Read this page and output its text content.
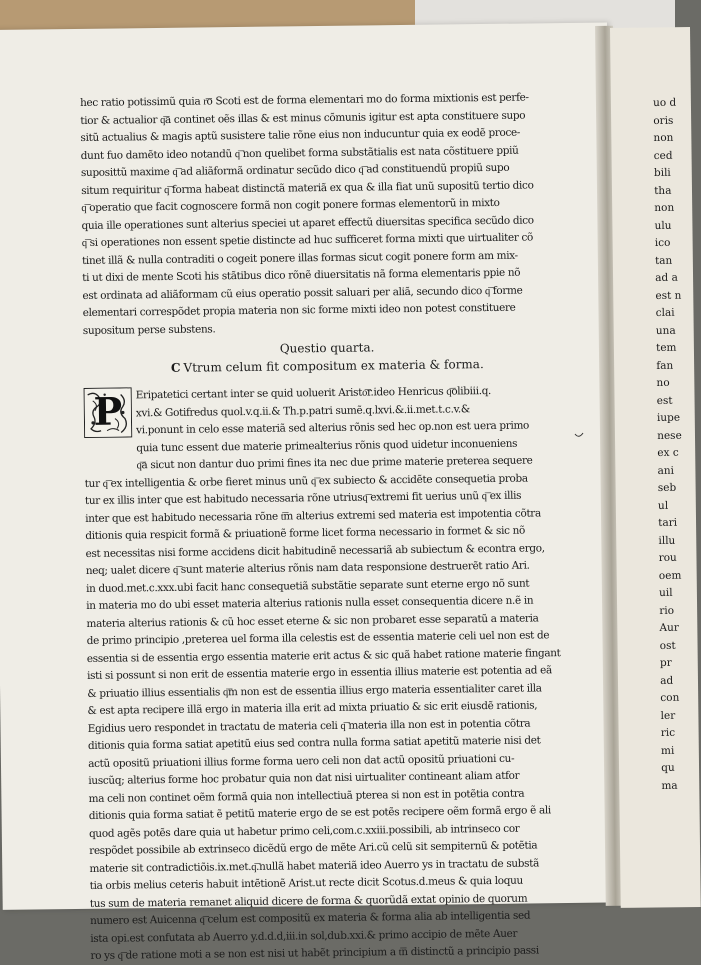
hec ratio potissimũ quia r͞o Scoti est de forma elementari mo do forma mixtionis est perfe-
tior & actualior q͞a continet oẽs illas & est minus cõmunis igitur est apta constituere supo
sitũ actualius & magis aptũ susistere talie rõne eius non inducuntur quia ex eodẽ proce-
dunt fuo damẽto ideo notandũ q͞ non quelibet forma substãtialis est nata cõstituere ppiũ
suposittũ maxime q͞ ad aliãformã ordinatur secũdo dico q͞ ad constituendũ propiũ supo
situm requiritur q͞ forma habeat distinctã materiã ex qua & illa fiat unũ supositũ tertio dico
q͞ operatio que facit cognoscere formã non cogit ponere formas elementorũ in mixto
quia ille operationes sunt alterius speciei ut aparet effectũ diuersitas specifica secũdo dico
q͞ si operationes non essent spetie distincte ad huc sufficeret forma mixti que uirtualiter cõ
tinet illã & nulla contraditi o cogeit ponere illas formas sicut cogit ponere form am mix-
ti ut dixi de mente Scoti his stãtibus dico rõnẽ diuersitatis nã forma elementaris ppie nõ
est ordinata ad aliãformam cũ eius operatio possit saluari per aliã, secundo dico q͞ forme
elementari correspõdet propia materia non sic forme mixti ideo non potest constituere
supositum perse substens.
Questio quarta.
C Vtrum celum fit compositum ex materia & forma.
P	Eripatetici certant inter se quid uoluerit Aristo͞r.ideo Henricus q͞olibiii.q.
xvi.& Gotifredus quol.v.q.ii.& Th.p.patri sumẽ.q.lxvi.&.ii.met.t.c.v.&
vi.ponunt in celo esse materiã sed alterius rõnis sed hec op.non est uera primo
quia tunc essent due materie primealterius rõnis quod uidetur inconueniens
q͞a sicut non dantur duo primi fines ita nec due prime materie preterea sequere
tur q͞ ex intelligentia & orbe fieret minus unũ q͞ ex subiecto & accidẽte consequetia proba
tur ex illis inter que est habitudo necessaria rõne utriusq͞ extremi fit uerius unũ q͞ ex illis
inter que est habitudo necessaria rõne t͞m alterius extremi sed materia est impotentia cõtra
ditionis quia respicit formã & priuationẽ forme licet forma necessario in formet & sic nõ
est necessitas nisi forme accidens dicit habitudinẽ necessariã ab subiectum & econtra ergo,
neq; ualet dicere q͞ sunt materie alterius rõnis nam data responsione destruerẽt ratio Ari.
in duod.met.c.xxx.ubi facit hanc consequetiã substãtie separate sunt eterne ergo nõ sunt
in materia mo do ubi esset materia alterius rationis nulla esset consequentia dicere n.ẽ in
materia alterius rationis & cũ hoc esset eterne & sic non probaret esse separatũ a materia
de primo principio ,preterea uel forma illa celestis est de essentia materie celi uel non est de
essentia si de essentia ergo essentia materie erit actus & sic quã habet ratione materie fingant
isti si possunt si non erit de essentia materie ergo in essentia illius materie est potentia ad eã
& priuatio illius essentialis q͞m non est de essentia illius ergo materia essentialiter caret illa
& est apta recipere illã ergo in materia illa erit ad mixta priuatio & sic erit eiusdẽ rationis,
Egidius uero respondet in tractatu de materia celi q͞ materia illa non est in potentia cõtra
ditionis quia forma satiat apetitũ eius sed contra nulla forma satiat apetitũ materie nisi det
actũ opositũ priuationi illius forme forma uero celi non dat actũ opositũ priuationi cu-
iuscũq; alterius forme hoc probatur quia non dat nisi uirtualiter contineant aliam atfor
ma celi non continet oẽm formã quia non intellectiuã pterea si non est in potẽtia contra
ditionis quia forma satiat ẽ petitũ materie ergo de se est potẽs recipere oẽm formã ergo ẽ ali
quod agẽs potẽs dare quia ut habetur primo celi,com.c.xxiii.possibili, ab intrinseco cor
respõdet possibile ab extrinseco dicẽdũ ergo de mẽte Ari.cũ celũ sit sempiternũ & potẽtia
materie sit contradictiõis.ix.met.q͞.nullã habet materiã ideo Auerro ys in tractatu de substã
tia orbis melius ceteris habuit intẽtionẽ Arist.ut recte dicit Scotus.d.meus & quia loquu
tus sum de materia remanet aliquid dicere de forma & quorũdã extat opinio de quorum
numero est Auicenna q͞ celum est compositũ ex materia & forma alia ab intelligentia sed
ista opi.est confutata ab Auerro y.d.d.d,iii.in sol,dub.xxi.& primo accipio de mẽte Auer
ro ys q͞ de ratione moti a se non est nisi ut habẽt principium a t͞n distinctũ a principio passi
uo d
oris
non
ced
bili
tha
non
ulu
ico
tan
ad a
est n
clai
una
tem
fan
no
est
iupe
nese
ex c
ani
seb
ul
tari
illu
rou
oem
uil
rio
Aur
ost
pr
ad
con
ler
ric
mi
qu
ma
